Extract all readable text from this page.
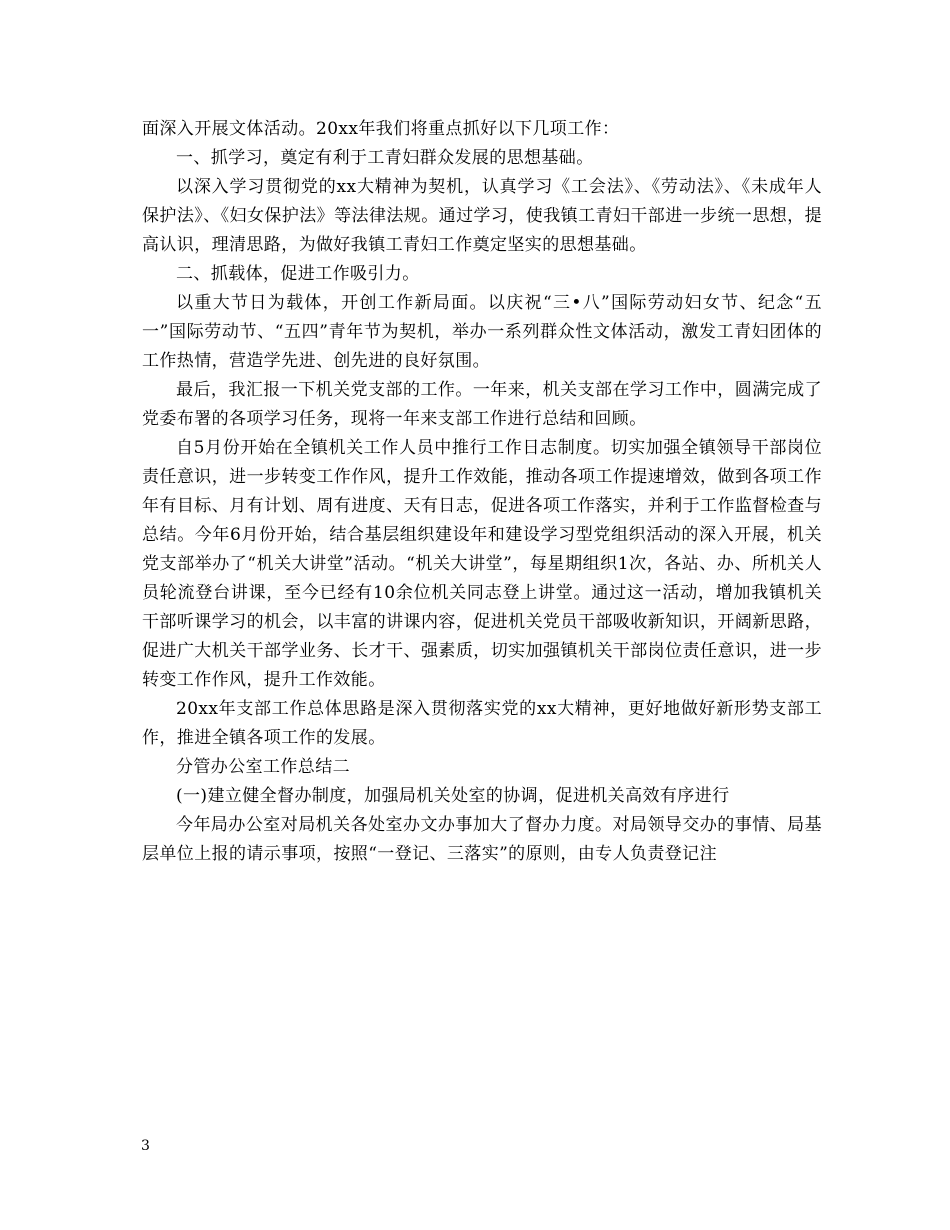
面深入开展文体活动。20xx年我们将重点抓好以下几项工作：

一、抓学习，奠定有利于工青妇群众发展的思想基础。

以深入学习贯彻党的xx大精神为契机，认真学习《工会法》、《劳动法》、《未成年人保护法》、《妇女保护法》等法律法规。通过学习，使我镇工青妇干部进一步统一思想，提高认识，理清思路，为做好我镇工青妇工作奠定坚实的思想基础。

二、抓载体，促进工作吸引力。

以重大节日为载体，开创工作新局面。以庆祝“三•八”国际劳动妇女节、纪念“五一”国际劳动节、“五四”青年节为契机，举办一系列群众性文体活动，激发工青妇团体的工作热情，营造学先进、创先进的良好氛围。

最后，我汇报一下机关党支部的工作。一年来，机关支部在学习工作中，圆满完成了党委布署的各项学习任务，现将一年来支部工作进行总结和回顾。

自5月份开始在全镇机关工作人员中推行工作日志制度。切实加强全镇领导干部岗位责任意识，进一步转变工作作风，提升工作效能，推动各项工作提速增效，做到各项工作年有目标、月有计划、周有进度、天有日志，促进各项工作落实，并利于工作监督检查与总结。今年6月份开始，结合基层组织建设年和建设学习型党组织活动的深入开展，机关党支部举办了“机关大讲堂”活动。“机关大讲堂”，每星期组织1次，各站、办、所机关人员轮流登台讲课，至今已经有10余位机关同志登上讲堂。通过这一活动，增加我镇机关干部听课学习的机会，以丰富的讲课内容，促进机关党员干部吸收新知识，开阔新思路，促进广大机关干部学业务、长才干、强素质，切实加强镇机关干部岗位责任意识，进一步转变工作作风，提升工作效能。

20xx年支部工作总体思路是深入贯彻落实党的xx大精神，更好地做好新形势支部工作，推进全镇各项工作的发展。

分管办公室工作总结二

(一)建立健全督办制度，加强局机关处室的协调，促进机关高效有序进行

今年局办公室对局机关各处室办文办事加大了督办力度。对局领导交办的事情、局基层单位上报的请示事项，按照“一登记、三落实”的原则，由专人负责登记注

3
